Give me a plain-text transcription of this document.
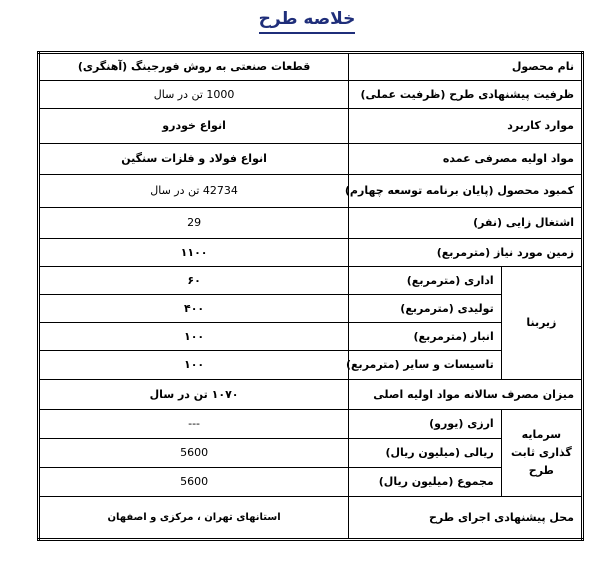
خلاصه طرح
نام محصول		قطعات صنعتی به روش فورجینگ (آهنگری)
ظرفیت پیشنهادی طرح (ظرفیت عملی)		1000 تن در سال
موارد کاربرد		انواع خودرو
مواد اولیه مصرفی عمده		انواع فولاد و فلزات سنگین
کمبود محصول (پایان برنامه توسعه چهارم)		42734 تن در سال
اشتغال زایی (نفر)		29
زمین مورد نیاز (مترمربع)		۱۱۰۰
زیربنا	اداری (مترمربع)	۶۰
	تولیدی (مترمربع)	۴۰۰
	انبار (مترمربع)	۱۰۰
	تاسیسات و سایر (مترمربع)	۱۰۰
میزان مصرف سالانه مواد اولیه اصلی		۱۰۷۰ تن در سال
سرمایه گذاری ثابت طرح	ارزی (یورو)	---
	ریالی (میلیون ریال)	5600
	مجموع (میلیون ریال)	5600
محل پیشنهادی اجرای طرح		استانهای تهران ، مرکزی و اصفهان
